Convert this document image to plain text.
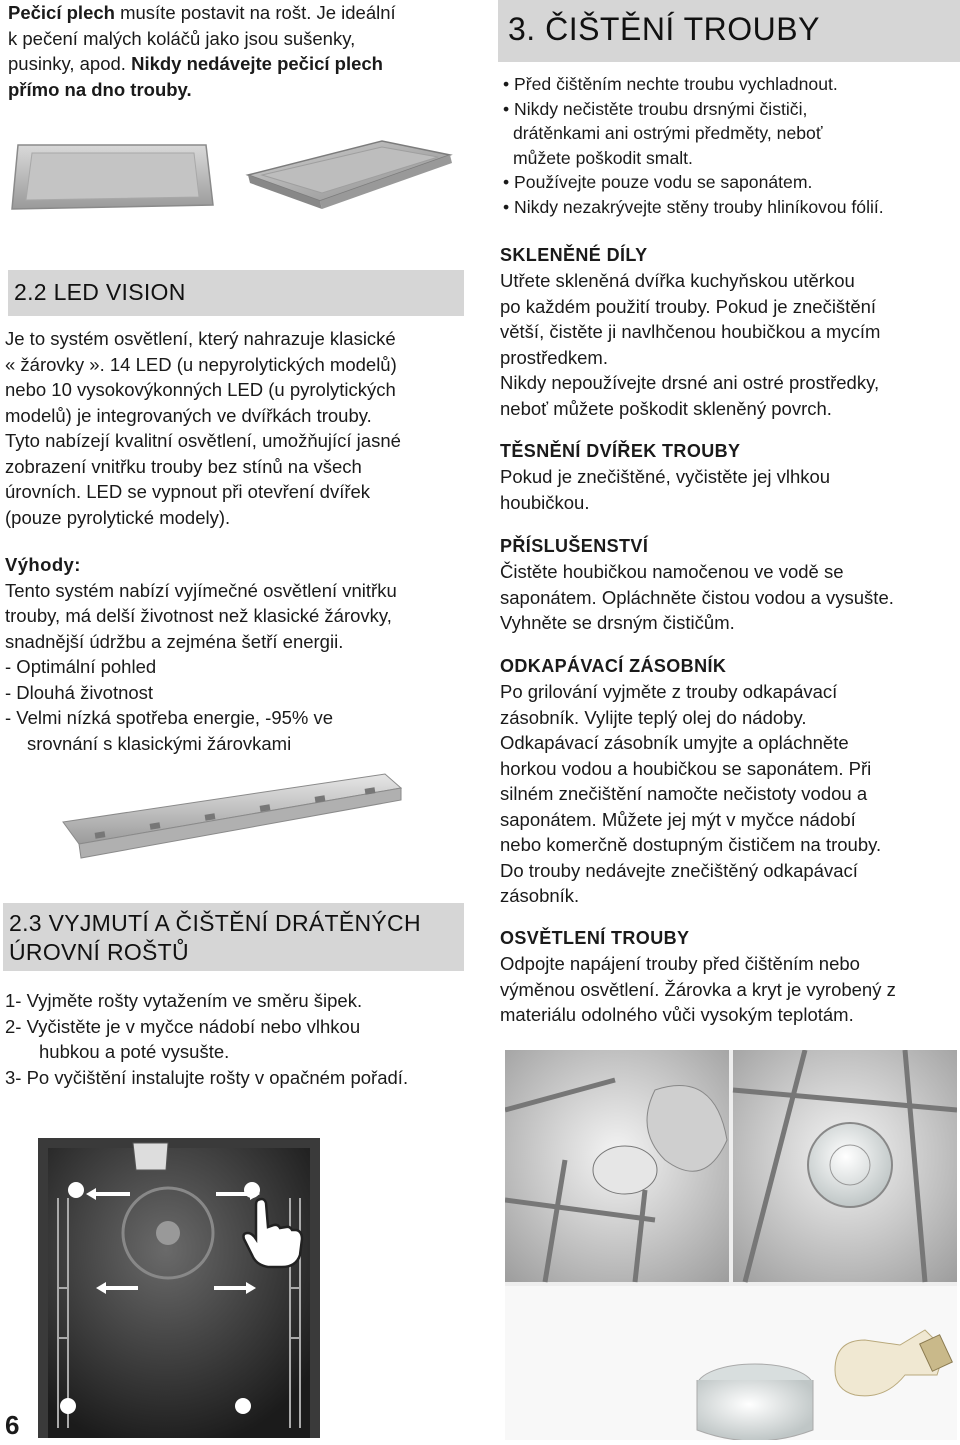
Pečicí plech musíte postavit na rošt. Je ideální

k pečení malých koláčů jako jsou sušenky,

pusinky, apod. Nikdy nedávejte pečicí plech

přímo na dno trouby.

2.2 LED VISION

Je to systém osvětlení, který nahrazuje klasické

« žárovky ». 14 LED (u nepyrolytických modelů)

nebo 10 vysokovýkonných LED (u pyrolytických

modelů) je integrovaných ve dvířkách trouby.

Tyto nabízejí kvalitní osvětlení, umožňující jasné

zobrazení vnitřku trouby bez stínů na všech

úrovních. LED se vypnout při otevření dvířek

(pouze pyrolytické modely).

Výhody:

Tento systém nabízí vyjímečné osvětlení vnitřku

trouby, má delší životnost než klasické žárovky,

snadnější údržbu a zejména šetří energii.

- Optimální pohled

- Dlouhá životnost

- Velmi nízká spotřeba energie, -95% ve

srovnání s klasickými žárovkami

2.3 VYJMUTÍ A ČIŠTĚNÍ DRÁTĚNÝCH
ÚROVNÍ ROŠTŮ

1- Vyjměte rošty vytažením ve směru šipek.

2- Vyčistěte je v myčce nádobí nebo vlhkou

hubkou a poté vysušte.

3- Po vyčištění instalujte rošty v opačném pořadí.

6
3. ČIŠTĚNÍ TROUBY

• Před čištěním nechte troubu vychladnout.

• Nikdy nečistěte troubu drsnými čističi,

drátěnkami ani ostrými předměty, neboť

můžete poškodit smalt.

• Používejte pouze vodu se saponátem.

• Nikdy nezakrývejte stěny trouby hliníkovou fólií.

SKLENĚNÉ DÍLY

Utřete skleněná dvířka kuchyňskou utěrkou

po každém použití trouby. Pokud je znečištění

větší, čistěte ji navlhčenou houbičkou a mycím

prostředkem.

Nikdy nepoužívejte drsné ani ostré prostředky,

neboť můžete poškodit skleněný povrch.

TĚSNĚNÍ DVÍŘEK TROUBY

Pokud je znečištěné, vyčistěte jej vlhkou

houbičkou.

PŘÍSLUŠENSTVÍ

Čistěte houbičkou namočenou ve vodě se

saponátem. Opláchněte čistou vodou a vysušte.

Vyhněte se drsným čističům.

ODKAPÁVACÍ ZÁSOBNÍK

Po grilování vyjměte z trouby odkapávací

zásobník. Vylijte teplý olej do nádoby.

Odkapávací zásobník umyjte a opláchněte

horkou vodou a houbičkou se saponátem. Při

silném znečištění namočte nečistoty vodou a

saponátem. Můžete jej mýt v myčce nádobí

nebo komerčně dostupným čističem na trouby.

Do trouby nedávejte znečištěný odkapávací

zásobník.

OSVĚTLENÍ TROUBY

Odpojte napájení trouby před čištěním nebo

výměnou osvětlení. Žárovka a kryt je vyrobený z

materiálu odolného vůči vysokým teplotám.
